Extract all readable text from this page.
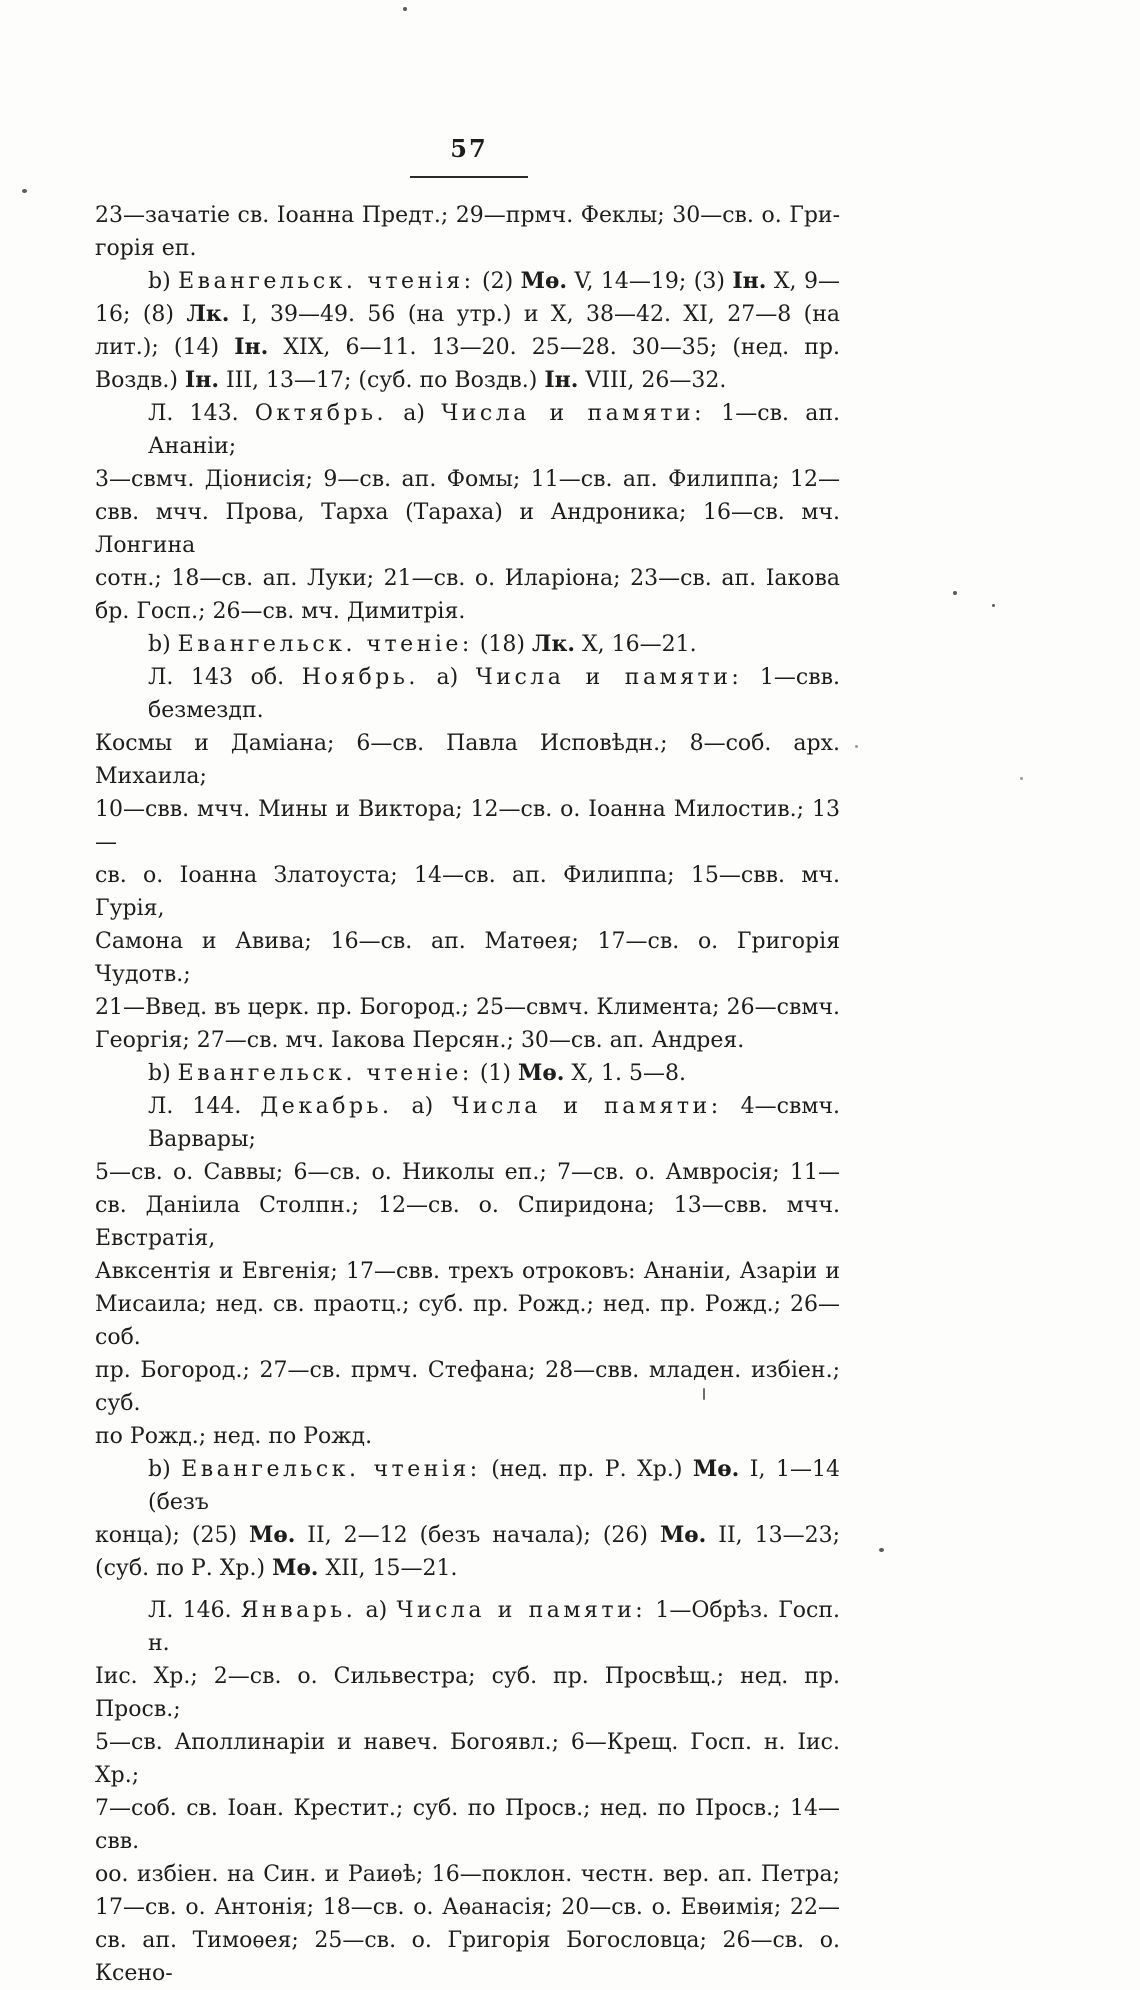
57
23—зачатіе св. Іоанна Предт.; 29—прмч. Феклы; 30—св. о. Гри-
горія еп.
b) Евангельск. чтенія: (2) Мѳ. V, 14—19; (3) Ін. X, 9—
16; (8) Лк. I, 39—49. 56 (на утр.) и X, 38—42. XI, 27—8 (на
лит.); (14) Ін. XIX, 6—11. 13—20. 25—28. 30—35; (нед. пр.
Воздв.) Ін. III, 13—17; (суб. по Воздв.) Ін. VIII, 26—32.
Л. 143. Октябрь. а) Числа и памяти: 1—св. ап. Ананіи;
3—свмч. Діонисія; 9—св. ап. Фомы; 11—св. ап. Филиппа; 12—
свв. мчч. Прова, Тарха (Тараха) и Андроника; 16—св. мч. Лонгина
сотн.; 18—св. ап. Луки; 21—св. о. Иларіона; 23—св. ап. Іакова
бр. Госп.; 26—св. мч. Димитрія.
b) Евангельск. чтеніе: (18) Лк. X, 16—21.
Л. 143 об. Ноябрь. а) Числа и памяти: 1—свв. безмездп.
Космы и Даміана; 6—св. Павла Исповѣдн.; 8—соб. арх. Михаила;
10—свв. мчч. Мины и Виктора; 12—св. о. Іоанна Милостив.; 13—
св. о. Іоанна Златоуста; 14—св. ап. Филиппа; 15—свв. мч. Гурія,
Самона и Авива; 16—св. ап. Матѳея; 17—св. о. Григорія Чудотв.;
21—Введ. въ церк. пр. Богород.; 25—свмч. Климента; 26—свмч.
Георгія; 27—св. мч. Іакова Персян.; 30—св. ап. Андрея.
b) Евангельск. чтеніе: (1) Мѳ. X, 1. 5—8.
Л. 144. Декабрь. а) Числа и памяти: 4—свмч. Варвары;
5—св. о. Саввы; 6—св. о. Николы еп.; 7—св. о. Амвросія; 11—
св. Даніила Столпн.; 12—св. о. Спиридона; 13—свв. мчч. Евстратія,
Авксентія и Евгенія; 17—свв. трехъ отроковъ: Ананіи, Азаріи и
Мисаила; нед. св. праотц.; суб. пр. Рожд.; нед. пр. Рожд.; 26—соб.
пр. Богород.; 27—св. прмч. Стефана; 28—свв. младен. избіен.; суб.
по Рожд.; нед. по Рожд.
b) Евангельск. чтенія: (нед. пр. Р. Хр.) Мѳ. I, 1—14 (безъ
конца); (25) Мѳ. II, 2—12 (безъ начала); (26) Мѳ. II, 13—23;
(суб. по Р. Хр.) Мѳ. XII, 15—21.
Л. 146. Январь. а) Числа и памяти: 1—Обрѣз. Госп. н.
Іис. Хр.; 2—св. о. Сильвестра; суб. пр. Просвѣщ.; нед. пр. Просв.;
5—св. Аполлинаріи и навеч. Богоявл.; 6—Крещ. Госп. н. Іис. Хр.;
7—соб. св. Іоан. Крестит.; суб. по Просв.; нед. по Просв.; 14—свв.
оо. избіен. на Син. и Раиѳѣ; 16—поклон. честн. вер. ап. Петра;
17—св. о. Антонія; 18—св. о. Аѳанасія; 20—св. о. Евѳимія; 22—
св. ап. Тимоѳея; 25—св. о. Григорія Богословца; 26—св. о. Ксено-
